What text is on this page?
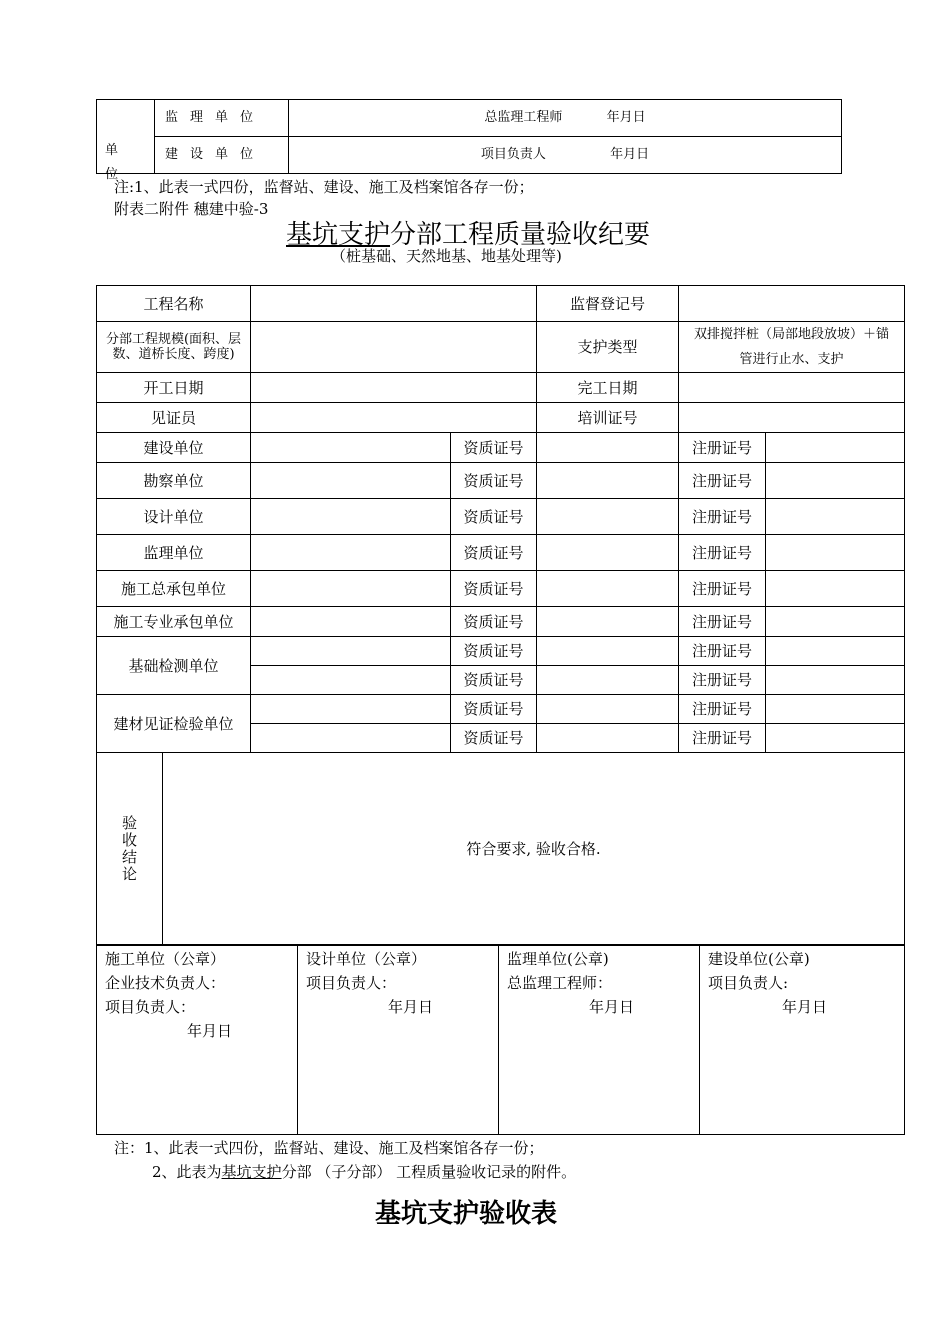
单位	监理单位	总监理工程师 年月日
	建设单位	项目负责人 年月日
注:1、此表一式四份，监督站、建设、施工及档案馆各存一份；
附表二附件 穗建中验-3
基坑支护分部工程质量验收纪要
（桩基础、天然地基、地基处理等)
工程名称				监督登记号		

分部工程规模(面积、层数、道桥长度、跨度)				支护类型	双排搅拌桩（局部地段放坡）＋锚管进行止水、支护	

开工日期				完工日期		
见证员				培训证号		
建设单位			资质证号		注册证号	
勘察单位			资质证号		注册证号	
设计单位			资质证号		注册证号	
监理单位			资质证号		注册证号	
施工总承包单位			资质证号		注册证号	
施工专业承包单位			资质证号		注册证号	
基础检测单位			资质证号		注册证号	
			资质证号		注册证号	
建材见证检验单位			资质证号		注册证号	
			资质证号		注册证号	

验收结论	符合要求, 验收合格.					
施工单位（公章）
企业技术负责人：
项目负责人：
年月日

设计单位（公章）
项目负责人：
年月日

监理单位(公章)
总监理工程师：
年月日

建设单位(公章)
项目负责人:
年月日
注：1、此表一式四份，监督站、建设、施工及档案馆各存一份；
2、此表为基坑支护分部 （子分部） 工程质量验收记录的附件。
基坑支护验收表
